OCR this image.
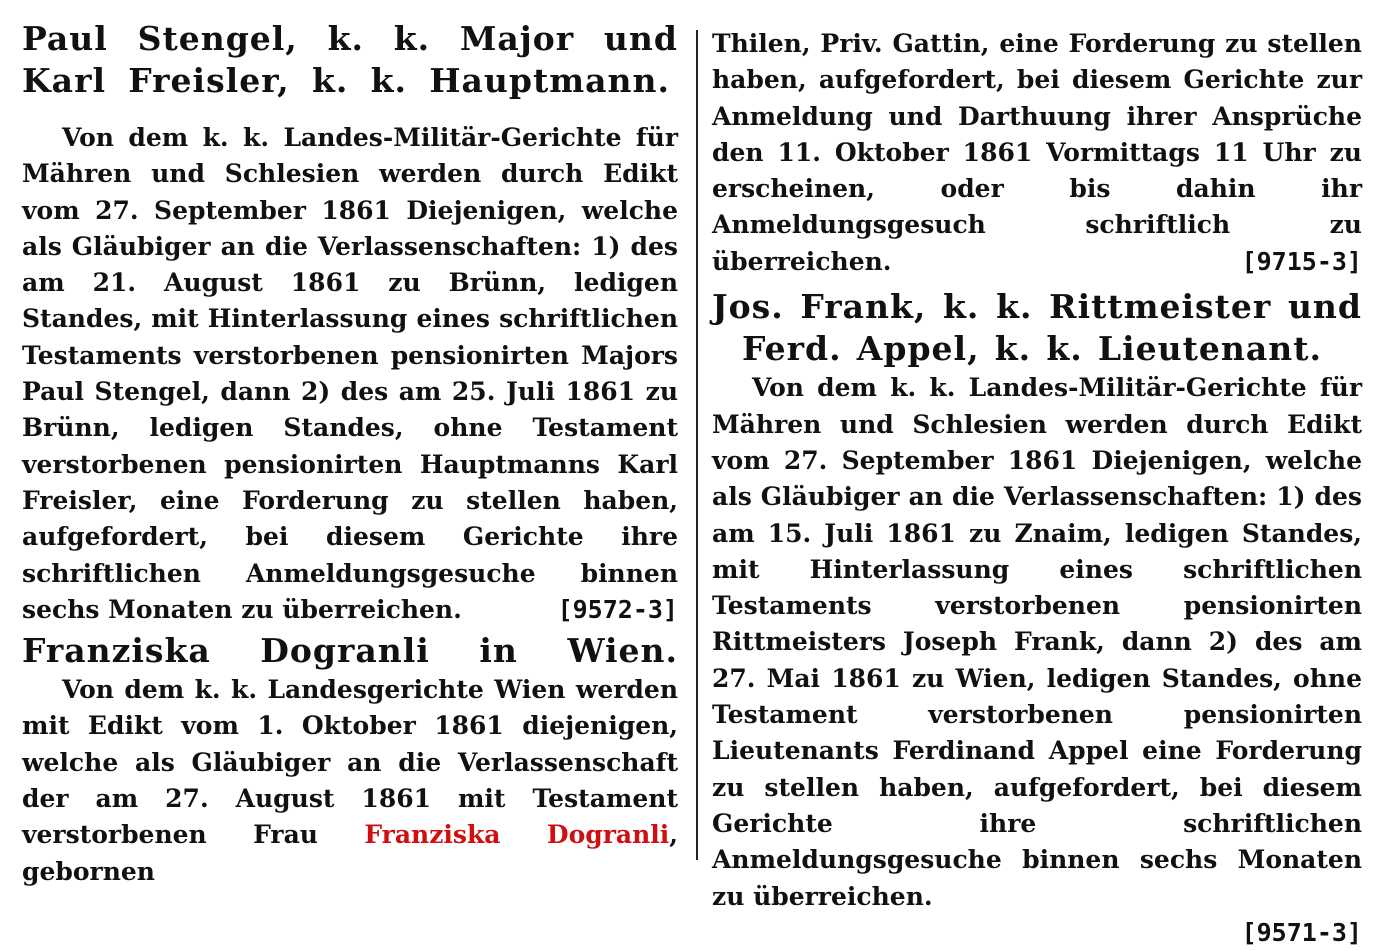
Paul Stengel, k. k. Major und
Karl Freisler, k. k. Hauptmann.
Von dem k. k. Landes-Militär-Gerichte für Mähren und Schlesien werden durch Edikt vom 27. September 1861 Diejenigen, welche als Gläubiger an die Verlassenschaften: 1) des am 21. August 1861 zu Brünn, ledigen Standes, mit Hinterlassung eines schriftlichen Testaments verstorbenen pensionirten Majors Paul Stengel, dann 2) des am 25. Juli 1861 zu Brünn, ledigen Standes, ohne Testament verstorbenen pensionirten Hauptmanns Karl Freisler, eine Forderung zu stellen haben, aufgefordert, bei diesem Gerichte ihre schriftlichen Anmeldungsgesuche binnen sechs Monaten zu überreichen.	[9572-3]
Franziska Dogranli in Wien.
Von dem k. k. Landesgerichte Wien werden mit Edikt vom 1. Oktober 1861 diejenigen, welche als Gläubiger an die Verlassenschaft der am 27. August 1861 mit Testament verstorbenen Frau Franziska Dogranli, gebornen
Thilen, Priv. Gattin, eine Forderung zu stellen haben, aufgefordert, bei diesem Gerichte zur Anmeldung und Darthuung ihrer Ansprüche den 11. Oktober 1861 Vormittags 11 Uhr zu erscheinen, oder bis dahin ihr Anmeldungsgesuch schriftlich zu überreichen.	[9715-3]
Jos. Frank, k. k. Rittmeister und
Ferd. Appel, k. k. Lieutenant.
Von dem k. k. Landes-Militär-Gerichte für Mähren und Schlesien werden durch Edikt vom 27. September 1861 Diejenigen, welche als Gläubiger an die Verlassenschaften: 1) des am 15. Juli 1861 zu Znaim, ledigen Standes, mit Hinterlassung eines schriftlichen Testaments verstorbenen pensionirten Rittmeisters Joseph Frank, dann 2) des am 27. Mai 1861 zu Wien, ledigen Standes, ohne Testament verstorbenen pensionirten Lieutenants Ferdinand Appel eine Forderung zu stellen haben, aufgefordert, bei diesem Gerichte ihre schriftlichen Anmeldungsgesuche binnen sechs Monaten zu überreichen.
[9571-3]
